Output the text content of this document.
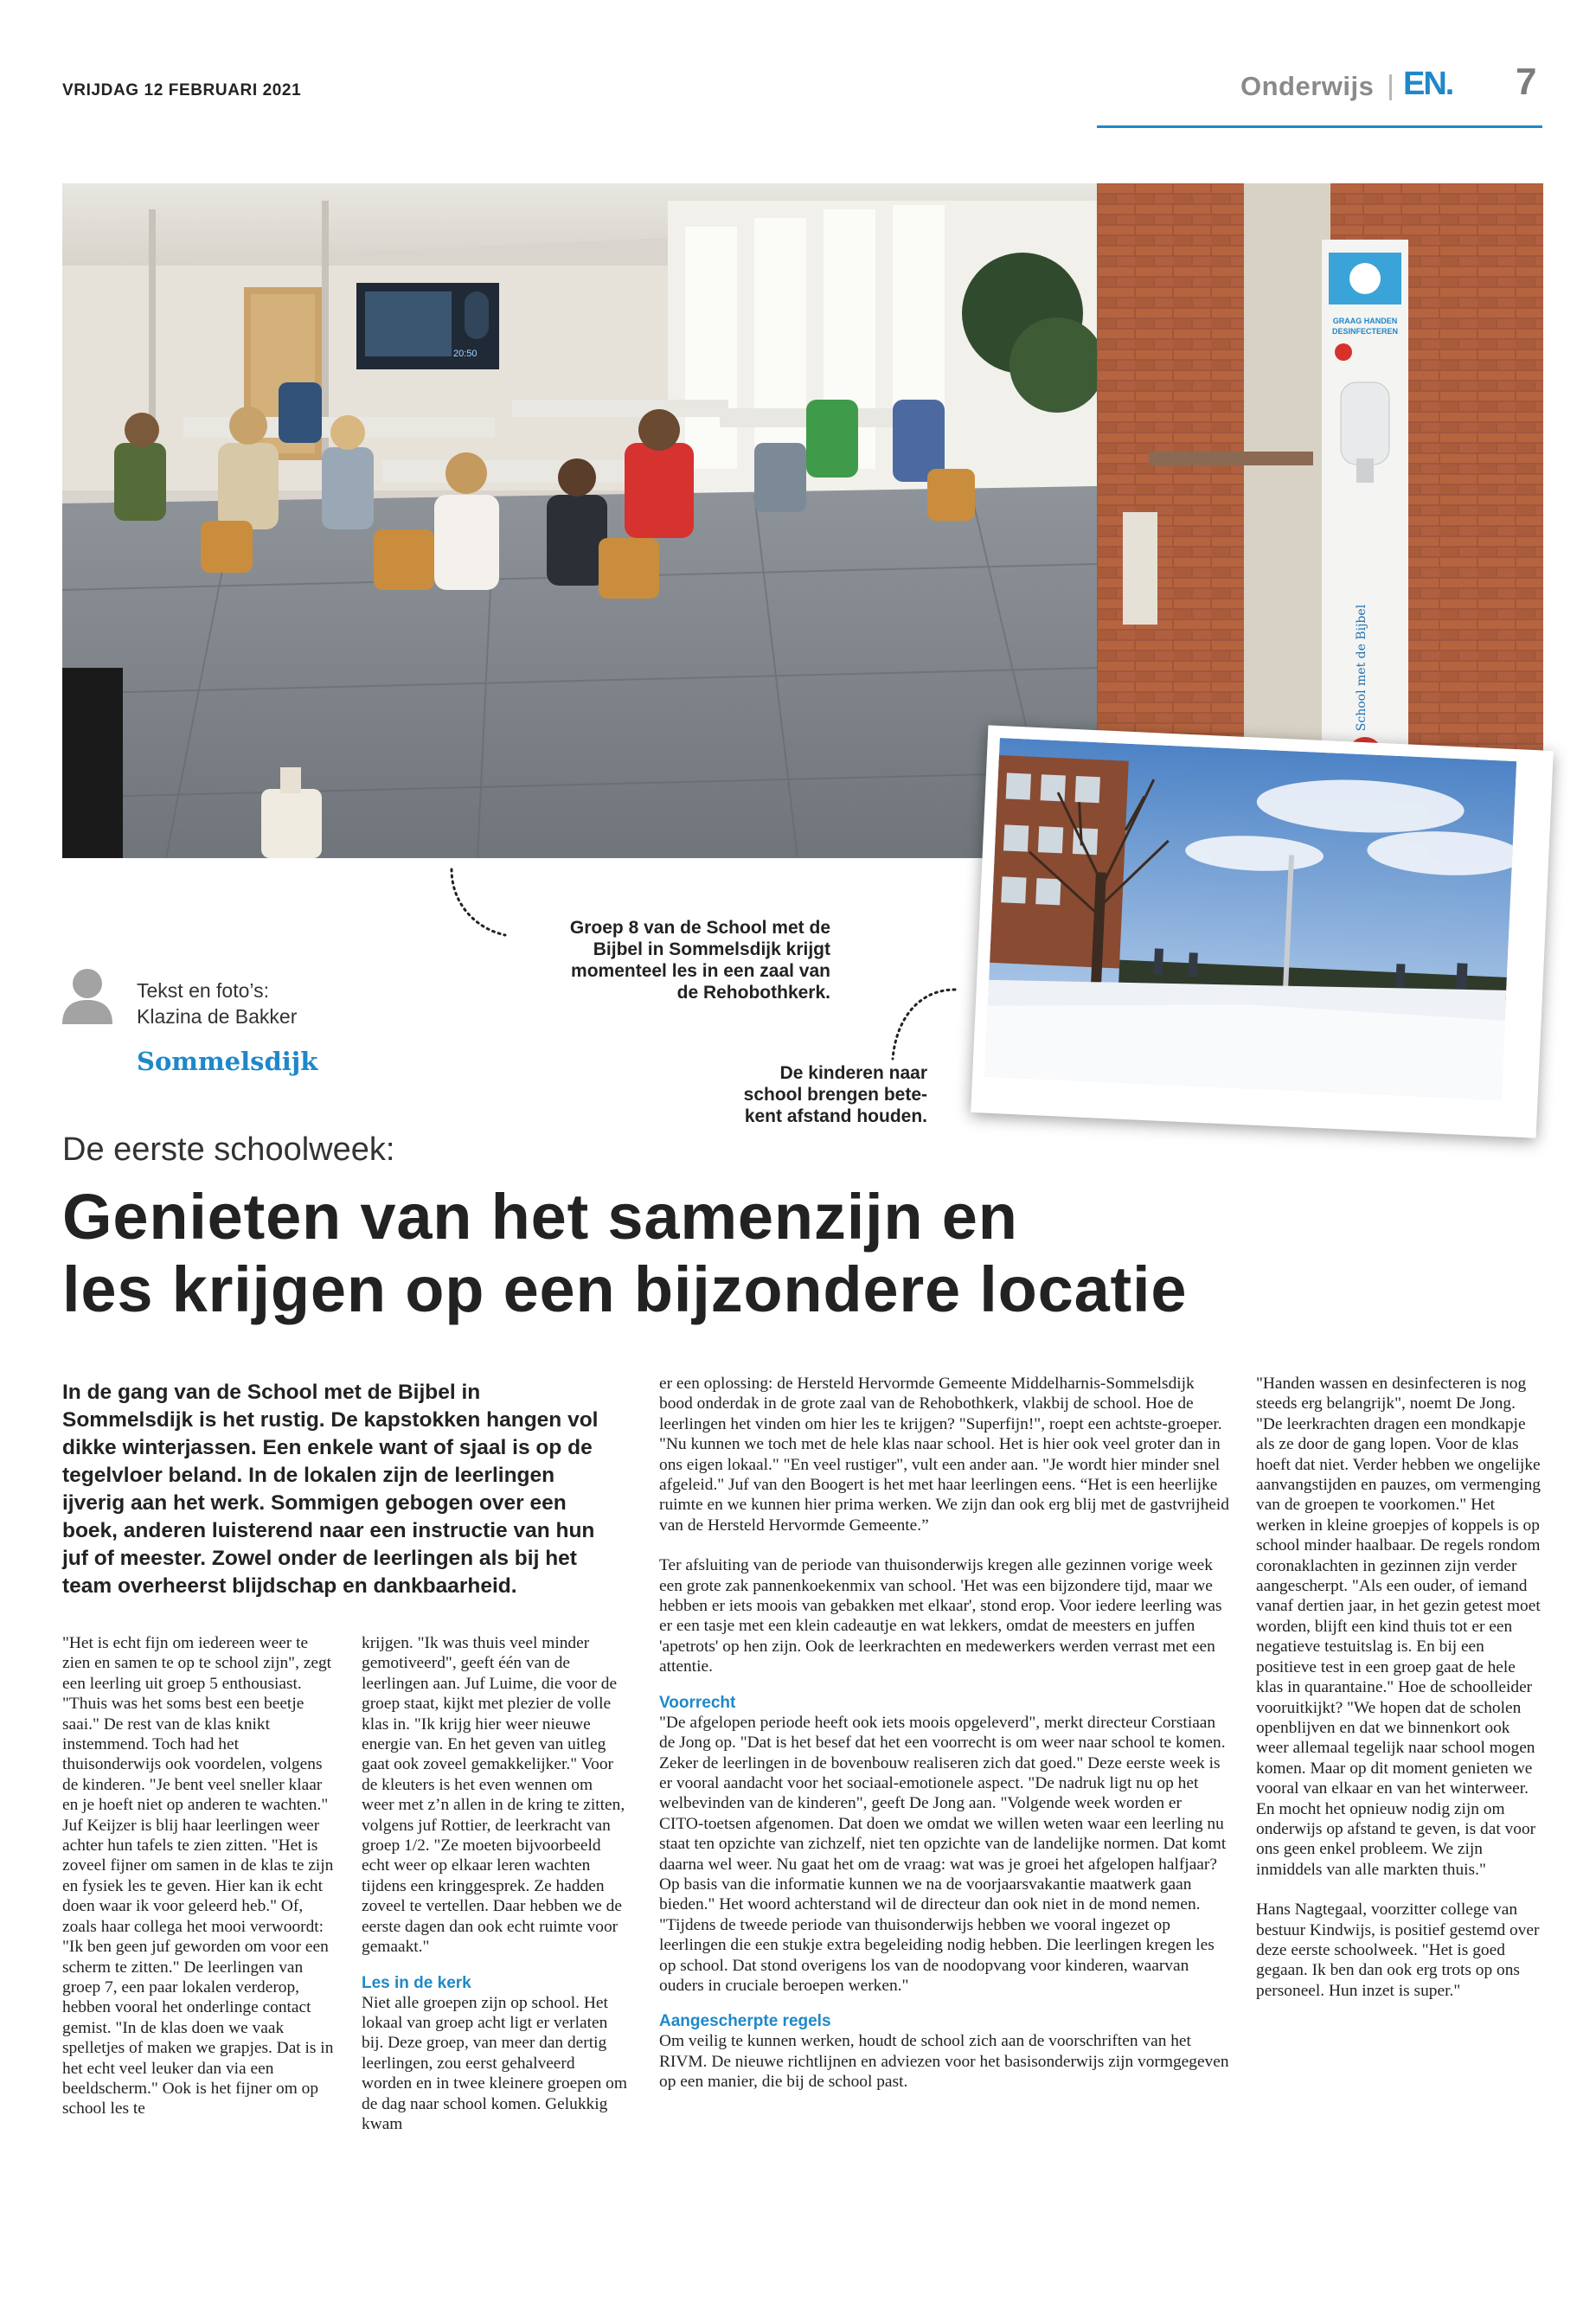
VRIJDAG 12 FEBRUARI 2021	Onderwijs EN. 7
20:50
GRAAG HANDEN
DESINFECTEREN
School met de Bijbel
Tekst en foto’s:
Klazina de Bakker
Sommelsdijk
Groep 8 van de School met de
Bijbel in Sommelsdijk krijgt
momenteel les in een zaal van
de Rehobothkerk.
De kinderen naar
school brengen bete-
kent afstand houden.
De eerste schoolweek:
Genieten van het samenzijn en
les krijgen op een bijzondere locatie
In de gang van de School met de Bijbel in Sommelsdijk is het rustig. De kapstokken hangen vol dikke winterjassen. Een enkele want of sjaal is op de tegelvloer beland. In de lokalen zijn de leerlingen ijverig aan het werk. Sommigen gebogen over een boek, anderen luisterend naar een instructie van hun juf of meester. Zowel onder de leerlingen als bij het team overheerst blijdschap en dankbaarheid.

"Het is echt fijn om iedereen weer te zien en samen te op te school zijn", zegt een leerling uit groep 5 enthousiast. "Thuis was het soms best een beetje saai." De rest van de klas knikt instemmend. Toch had het thuisonderwijs ook voordelen, volgens de kinderen. "Je bent veel sneller klaar en je hoeft niet op anderen te wachten." Juf Keijzer is blij haar leerlingen weer achter hun tafels te zien zitten. "Het is zoveel fijner om samen in de klas te zijn en fysiek les te geven. Hier kan ik echt doen waar ik voor geleerd heb." Of, zoals haar collega het mooi verwoordt: "Ik ben geen juf geworden om voor een scherm te zitten." De leerlingen van groep 7, een paar lokalen verderop, hebben vooral het onderlinge contact gemist. "In de klas doen we vaak spelletjes of maken we grapjes. Dat is in het echt veel leuker dan via een beeldscherm." Ook is het fijner om op school les te

krijgen. "Ik was thuis veel minder gemotiveerd", geeft één van de leerlingen aan. Juf Luime, die voor de groep staat, kijkt met plezier de volle klas in. "Ik krijg hier weer nieuwe energie van. En het geven van uitleg gaat ook zoveel gemakkelijker." Voor de kleuters is het even wennen om weer met z’n allen in de kring te zitten, volgens juf Rottier, de leerkracht van groep 1/2. "Ze moeten bijvoorbeeld echt weer op elkaar leren wachten tijdens een kringgesprek. Ze hadden zoveel te vertellen. Daar hebben we de eerste dagen dan ook echt ruimte voor gemaakt."

Les in de kerk

Niet alle groepen zijn op school. Het lokaal van groep acht ligt er verlaten bij. Deze groep, van meer dan dertig leerlingen, zou eerst gehalveerd worden en in twee kleinere groepen om de dag naar school komen. Gelukkig kwam

er een oplossing: de Hersteld Hervormde Gemeente Middelharnis-Sommelsdijk bood onderdak in de grote zaal van de Rehobothkerk, vlakbij de school. Hoe de leerlingen het vinden om hier les te krijgen? "Superfijn!", roept een achtste-groeper. "Nu kunnen we toch met de hele klas naar school. Het is hier ook veel groter dan in ons eigen lokaal." "En veel rustiger", vult een ander aan. "Je wordt hier minder snel afgeleid." Juf van den Boogert is het met haar leerlingen eens. “Het is een heerlijke ruimte en we kunnen hier prima werken. We zijn dan ook erg blij met de gastvrijheid van de Hersteld Hervormde Gemeente.”

Ter afsluiting van de periode van thuisonderwijs kregen alle gezinnen vorige week een grote zak pannenkoekenmix van school. 'Het was een bijzondere tijd, maar we hebben er iets moois van gebakken met elkaar', stond erop. Voor iedere leerling was er een tasje met een klein cadeautje en wat lekkers, omdat de meesters en juffen 'apetrots' op hen zijn. Ook de leerkrachten en medewerkers werden verrast met een attentie.

Voorrecht

"De afgelopen periode heeft ook iets moois opgeleverd", merkt directeur Corstiaan de Jong op. "Dat is het besef dat het een voorrecht is om weer naar school te komen. Zeker de leerlingen in de bovenbouw realiseren zich dat goed." Deze eerste week is er vooral aandacht voor het sociaal-emotionele aspect. "De nadruk ligt nu op het welbevinden van de kinderen", geeft De Jong aan. "Volgende week worden er CITO-toetsen afgenomen. Dat doen we omdat we willen weten waar een leerling nu staat ten opzichte van zichzelf, niet ten opzichte van de landelijke normen. Dat komt daarna wel weer. Nu gaat het om de vraag: wat was je groei het afgelopen halfjaar? Op basis van die informatie kunnen we na de voorjaarsvakantie maatwerk gaan bieden." Het woord achterstand wil de directeur dan ook niet in de mond nemen. "Tijdens de tweede periode van thuisonderwijs hebben we vooral ingezet op leerlingen die een stukje extra begeleiding nodig hebben. Die leerlingen kregen les op school. Dat stond overigens los van de noodopvang voor kinderen, waarvan ouders in cruciale beroepen werken."

Aangescherpte regels

Om veilig te kunnen werken, houdt de school zich aan de voorschriften van het RIVM. De nieuwe richtlijnen en adviezen voor het basisonderwijs zijn vormgegeven op een manier, die bij de school past.

"Handen wassen en desinfecteren is nog steeds erg belangrijk", noemt De Jong. "De leerkrachten dragen een mondkapje als ze door de gang lopen. Voor de klas hoeft dat niet. Verder hebben we ongelijke aanvangstijden en pauzes, om vermenging van de groepen te voorkomen." Het werken in kleine groepjes of koppels is op school minder haalbaar. De regels rondom coronaklachten in gezinnen zijn verder aangescherpt. "Als een ouder, of iemand vanaf dertien jaar, in het gezin getest moet worden, blijft een kind thuis tot er een negatieve testuitslag is. En bij een positieve test in een groep gaat de hele klas in quarantaine." Hoe de schoolleider vooruitkijkt? "We hopen dat de scholen openblijven en dat we binnenkort ook weer allemaal tegelijk naar school mogen komen. Maar op dit moment genieten we vooral van elkaar en van het winterweer. En mocht het opnieuw nodig zijn om onderwijs op afstand te geven, is dat voor ons geen enkel probleem. We zijn inmiddels van alle markten thuis."

Hans Nagtegaal, voorzitter college van bestuur Kindwijs, is positief gestemd over deze eerste schoolweek. "Het is goed gegaan. Ik ben dan ook erg trots op ons personeel. Hun inzet is super."
